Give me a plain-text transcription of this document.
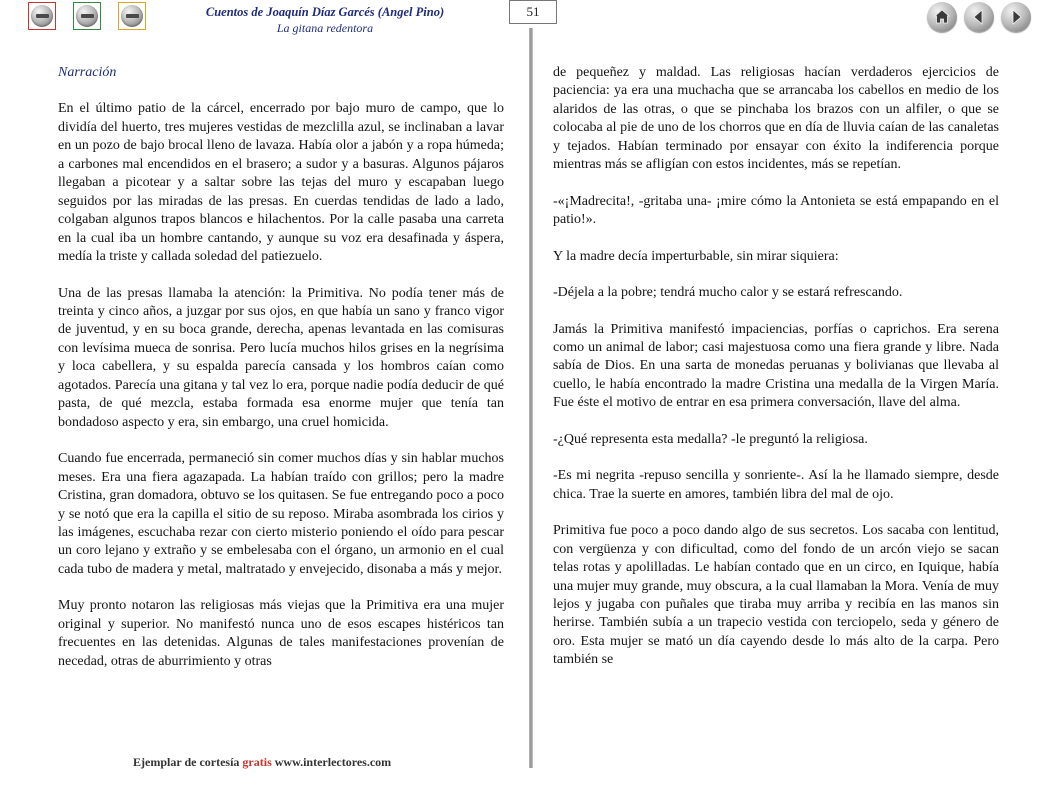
Cuentos de Joaquín Díaz Garcés (Angel Pino)
La gitana redentora
51

Narración

En el último patio de la cárcel, encerrado por bajo muro de campo, que lo dividía del huerto, tres mujeres vestidas de mezclilla azul, se inclinaban a lavar en un pozo de bajo brocal lleno de lavaza. Había olor a jabón y a ropa húmeda; a carbones mal encendidos en el brasero; a sudor y a basuras. Algunos pájaros llegaban a picotear y a saltar sobre las tejas del muro y escapaban luego seguidos por las miradas de las presas. En cuerdas tendidas de lado a lado, colgaban algunos trapos blancos e hilachentos. Por la calle pasaba una carreta en la cual iba un hombre cantando, y aunque su voz era desafinada y áspera, medía la triste y callada soledad del patiezuelo.

Una de las presas llamaba la atención: la Primitiva. No podía tener más de treinta y cinco años, a juzgar por sus ojos, en que había un sano y franco vigor de juventud, y en su boca grande, derecha, apenas levantada en las comisuras con levísima mueca de sonrisa. Pero lucía muchos hilos grises en la negrísima y loca cabellera, y su espalda parecía cansada y los hombros caían como agotados. Parecía una gitana y tal vez lo era, porque nadie podía deducir de qué pasta, de qué mezcla, estaba formada esa enorme mujer que tenía tan bondadoso aspecto y era, sin embargo, una cruel homicida.

Cuando fue encerrada, permaneció sin comer muchos días y sin hablar muchos meses. Era una fiera agazapada. La habían traído con grillos; pero la madre Cristina, gran domadora, obtuvo se los quitasen. Se fue entregando poco a poco y se notó que era la capilla el sitio de su reposo. Miraba asombrada los cirios y las imágenes, escuchaba rezar con cierto misterio poniendo el oído para pescar un coro lejano y extraño y se embelesaba con el órgano, un armonio en el cual cada tubo de madera y metal, maltratado y envejecido, disonaba a más y mejor.

Muy pronto notaron las religiosas más viejas que la Primitiva era una mujer original y superior. No manifestó nunca uno de esos escapes histéricos tan frecuentes en las detenidas. Algunas de tales manifestaciones provenían de necedad, otras de aburrimiento y otras

de pequeñez y maldad. Las religiosas hacían verdaderos ejercicios de paciencia: ya era una muchacha que se arrancaba los cabellos en medio de los alaridos de las otras, o que se pinchaba los brazos con un alfiler, o que se colocaba al pie de uno de los chorros que en día de lluvia caían de las canaletas y tejados. Habían terminado por ensayar con éxito la indiferencia porque mientras más se afligían con estos incidentes, más se repetían.

-«¡Madrecita!, -gritaba una- ¡mire cómo la Antonieta se está empapando en el patio!».

Y la madre decía imperturbable, sin mirar siquiera:

-Déjela a la pobre; tendrá mucho calor y se estará refrescando.

Jamás la Primitiva manifestó impaciencias, porfías o caprichos. Era serena como un animal de labor; casi majestuosa como una fiera grande y libre. Nada sabía de Dios. En una sarta de monedas peruanas y bolivianas que llevaba al cuello, le había encontrado la madre Cristina una medalla de la Virgen María. Fue éste el motivo de entrar en esa primera conversación, llave del alma.

-¿Qué representa esta medalla? -le preguntó la religiosa.

-Es mi negrita -repuso sencilla y sonriente-. Así la he llamado siempre, desde chica. Trae la suerte en amores, también libra del mal de ojo.

Primitiva fue poco a poco dando algo de sus secretos. Los sacaba con lentitud, con vergüenza y con dificultad, como del fondo de un arcón viejo se sacan telas rotas y apolilladas. Le habían contado que en un circo, en Iquique, había una mujer muy grande, muy obscura, a la cual llamaban la Mora. Venía de muy lejos y jugaba con puñales que tiraba muy arriba y recibía en las manos sin herirse. También subía a un trapecio vestida con terciopelo, seda y género de oro. Esta mujer se mató un día cayendo desde lo más alto de la carpa. Pero también se

Ejemplar de cortesía gratis www.interlectores.com
